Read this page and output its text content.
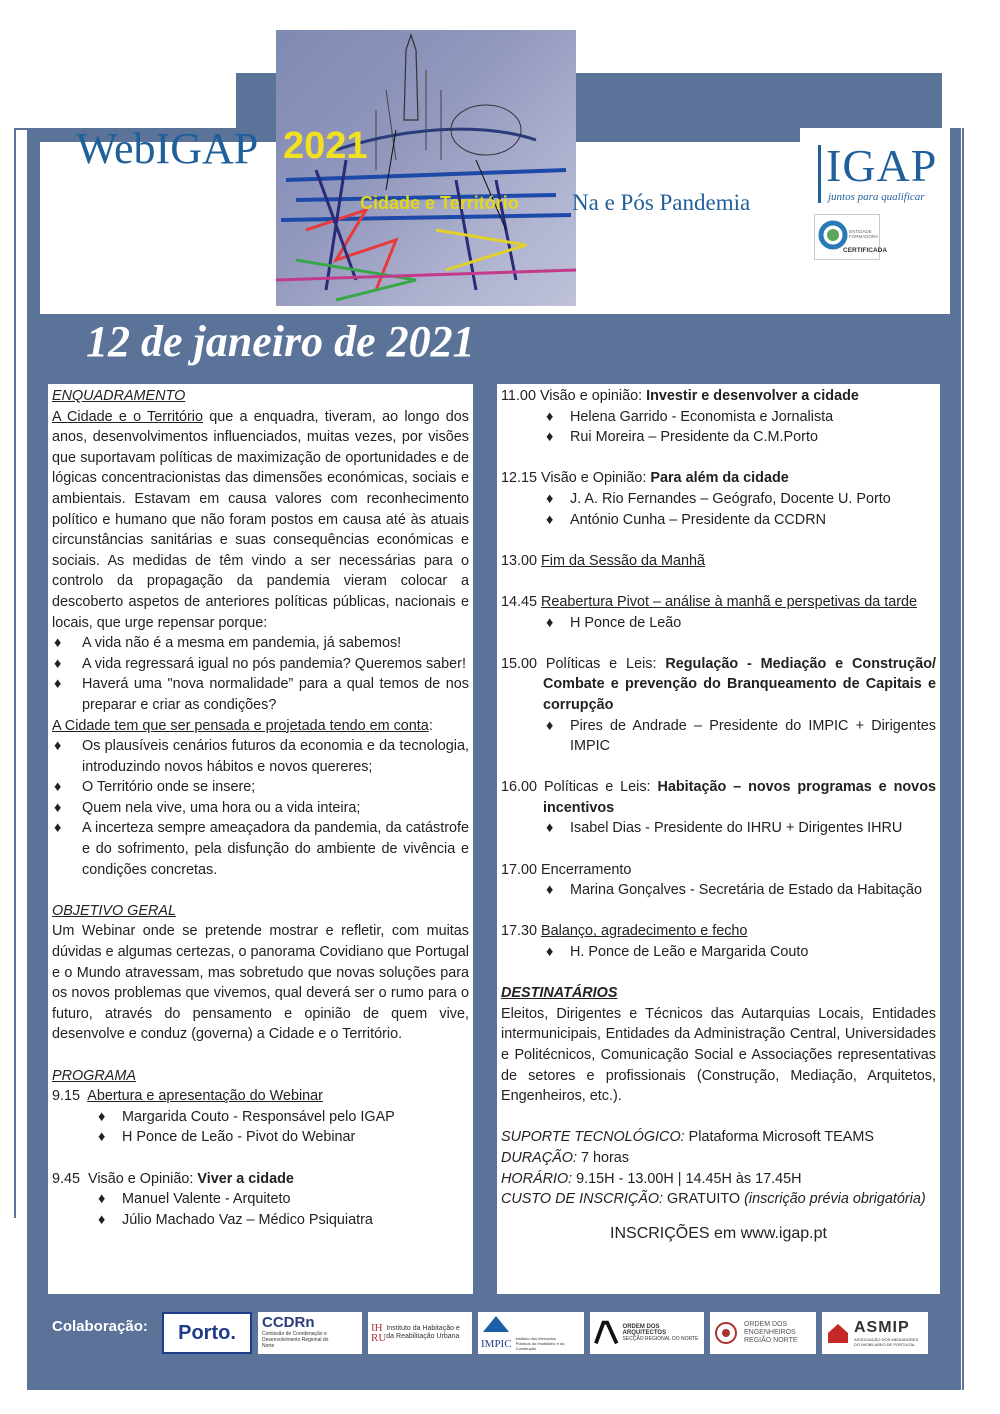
WebIGAP 2021
Cidade e Território Na e Pós Pandemia
IGAP
juntos para qualificar
ENTIDADE FORMADORA
CERTIFICADA
12 de janeiro de 2021
ENQUADRAMENTO
A Cidade e o Território que a enquadra, tiveram, ao longo dos anos, desenvolvimentos influenciados, muitas vezes, por visões que suportavam políticas de maximização de oportunidades e de lógicas concentracionistas das dimensões económicas, sociais e ambientais. Estavam em causa valores com reconhecimento político e humano que não foram postos em causa até às atuais circunstâncias sanitárias e suas consequências económicas e sociais. As medidas de têm vindo a ser necessárias para o controlo da propagação da pandemia vieram colocar a descoberto aspetos de anteriores políticas públicas, nacionais e locais, que urge repensar porque:
♦	A vida não é a mesma em pandemia, já sabemos!
♦	A vida regressará igual no pós pandemia? Queremos saber!
♦	Haverá uma "nova normalidade” para a qual temos de nos preparar e criar as condições?
A Cidade tem que ser pensada e projetada tendo em conta:
♦	Os plausíveis cenários futuros da economia e da tecnologia, introduzindo novos hábitos e novos quereres;
♦	O Território onde se insere;
♦	Quem nela vive, uma hora ou a vida inteira;
♦	A incerteza sempre ameaçadora da pandemia, da catástrofe e do sofrimento, pela disfunção do ambiente de vivência e condições concretas.
OBJETIVO GERAL
Um Webinar onde se pretende mostrar e refletir, com muitas dúvidas e algumas certezas, o panorama Covidiano que Portugal e o Mundo atravessam, mas sobretudo que novas soluções para os novos problemas que vivemos, qual deverá ser o rumo para o futuro, através do pensamento e opinião de quem vive, desenvolve e conduz (governa) a Cidade e o Território.
PROGRAMA
9.15 Abertura e apresentação do Webinar
♦	Margarida Couto - Responsável pelo IGAP
♦	H Ponce de Leão - Pivot do Webinar
9.45 Visão e Opinião: Viver a cidade
♦	Manuel Valente - Arquiteto
♦	Júlio Machado Vaz – Médico Psiquiatra
11.00 Visão e opinião: Investir e desenvolver a cidade
♦	Helena Garrido - Economista e Jornalista
♦	Rui Moreira – Presidente da C.M.Porto
12.15 Visão e Opinião: Para além da cidade
♦	J. A. Rio Fernandes – Geógrafo, Docente U. Porto
♦	António Cunha – Presidente da CCDRN
13.00 Fim da Sessão da Manhã
14.45 Reabertura Pivot – análise à manhã e perspetivas da tarde
♦	H Ponce de Leão
15.00 Políticas e Leis: Regulação - Mediação e Construção/ Combate e prevenção do Branqueamento de Capitais e corrupção
♦	Pires de Andrade – Presidente do IMPIC + Dirigentes IMPIC
16.00 Políticas e Leis: Habitação – novos programas e novos incentivos
♦	Isabel Dias - Presidente do IHRU + Dirigentes IHRU
17.00 Encerramento
♦	Marina Gonçalves - Secretária de Estado da Habitação
17.30 Balanço, agradecimento e fecho
♦	H. Ponce de Leão e Margarida Couto
DESTINATÁRIOS
Eleitos, Dirigentes e Técnicos das Autarquias Locais, Entidades intermunicipais, Entidades da Administração Central, Universidades e Politécnicos, Comunicação Social e Associações representativas de setores e profissionais (Construção, Mediação, Arquitetos, Engenheiros, etc.).
SUPORTE TECNOLÓGICO: Plataforma Microsoft TEAMS
DURAÇÃO: 7 horas
HORÁRIO: 9.15H - 13.00H | 14.45H às 17.45H
CUSTO DE INSCRIÇÃO: GRATUITO (inscrição prévia obrigatória)
INSCRIÇÕES em www.igap.pt
Colaboração: Porto. CCDRn
Comissão de Coordenação e Desenvolvimento Regional do Norte
IH RU
Instituto da Habitação e da Reabilitação Urbana
IMPIC Instituto dos Mercados Públicos do Imobiliário e da Construção
ORDEM DOS ARQUITECTOS
SECÇÃO REGIONAL DO NORTE
ORDEM DOS ENGENHEIROS REGIÃO NORTE
ASMIP
ASSOCIAÇÃO DOS MEDIADORES DO IMOBILIÁRIO DE PORTUGAL
